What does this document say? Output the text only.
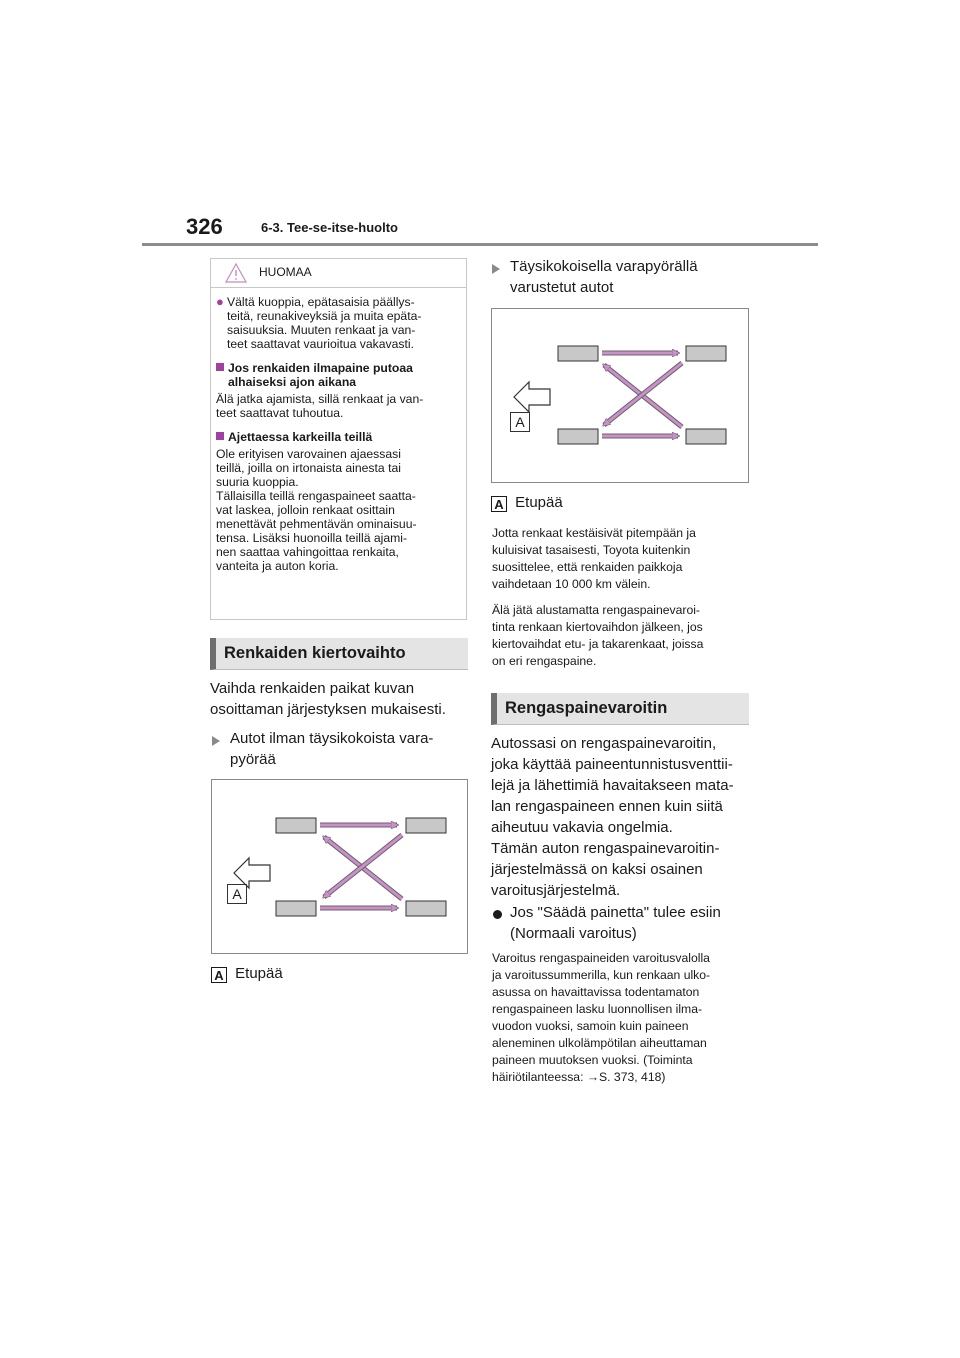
326	6-3. Tee-se-itse-huolto
HUOMAA
● Vältä kuoppia, epätasaisia päällys-
teitä, reunakiveyksiä ja muita epäta-
saisuuksia. Muuten renkaat ja van-
teet saattavat vaurioitua vakavasti.

Jos renkaiden ilmapaine putoaa
alhaiseksi ajon aikana

Älä jatka ajamista, sillä renkaat ja van-
teet saattavat tuhoutua.

Ajettaessa karkeilla teillä

Ole erityisen varovainen ajaessasi
teillä, joilla on irtonaista ainesta tai
suuria kuoppia.
Tällaisilla teillä rengaspaineet saatta-
vat laskea, jolloin renkaat osittain
menettävät pehmentävän ominaisuu-
tensa. Lisäksi huonoilla teillä ajami-
nen saattaa vahingoittaa renkaita,
vanteita ja auton koria.

Renkaiden kiertovaihto
Vaihda renkaiden paikat kuvan
osoittaman järjestyksen mukaisesti.
Autot ilman täysikokoista vara-
pyörää
A
A Etupää
Täysikokoisella varapyörällä
varustetut autot
A
A Etupää
Jotta renkaat kestäisivät pitempään ja
kuluisivat tasaisesti, Toyota kuitenkin
suosittelee, että renkaiden paikkoja
vaihdetaan 10 000 km välein.
Älä jätä alustamatta rengaspainevaroi-
tinta renkaan kiertovaihdon jälkeen, jos
kiertovaihdat etu- ja takarenkaat, joissa
on eri rengaspaine.
Rengaspainevaroitin
Autossasi on rengaspainevaroitin,
joka käyttää paineentunnistusventtii-
lejä ja lähettimiä havaitakseen mata-
lan rengaspaineen ennen kuin siitä
aiheutuu vakavia ongelmia.
Tämän auton rengaspainevaroitin-
järjestelmässä on kaksi osainen
varoitusjärjestelmä.
Jos "Säädä painetta" tulee esiin
(Normaali varoitus)
Varoitus rengaspaineiden varoitusvalolla
ja varoitussummerilla, kun renkaan ulko-
asussa on havaittavissa todentamaton
rengaspaineen lasku luonnollisen ilma-
vuodon vuoksi, samoin kuin paineen
aleneminen ulkolämpötilan aiheuttaman
paineen muutoksen vuoksi. (Toiminta
häiriötilanteessa: →S. 373, 418)
